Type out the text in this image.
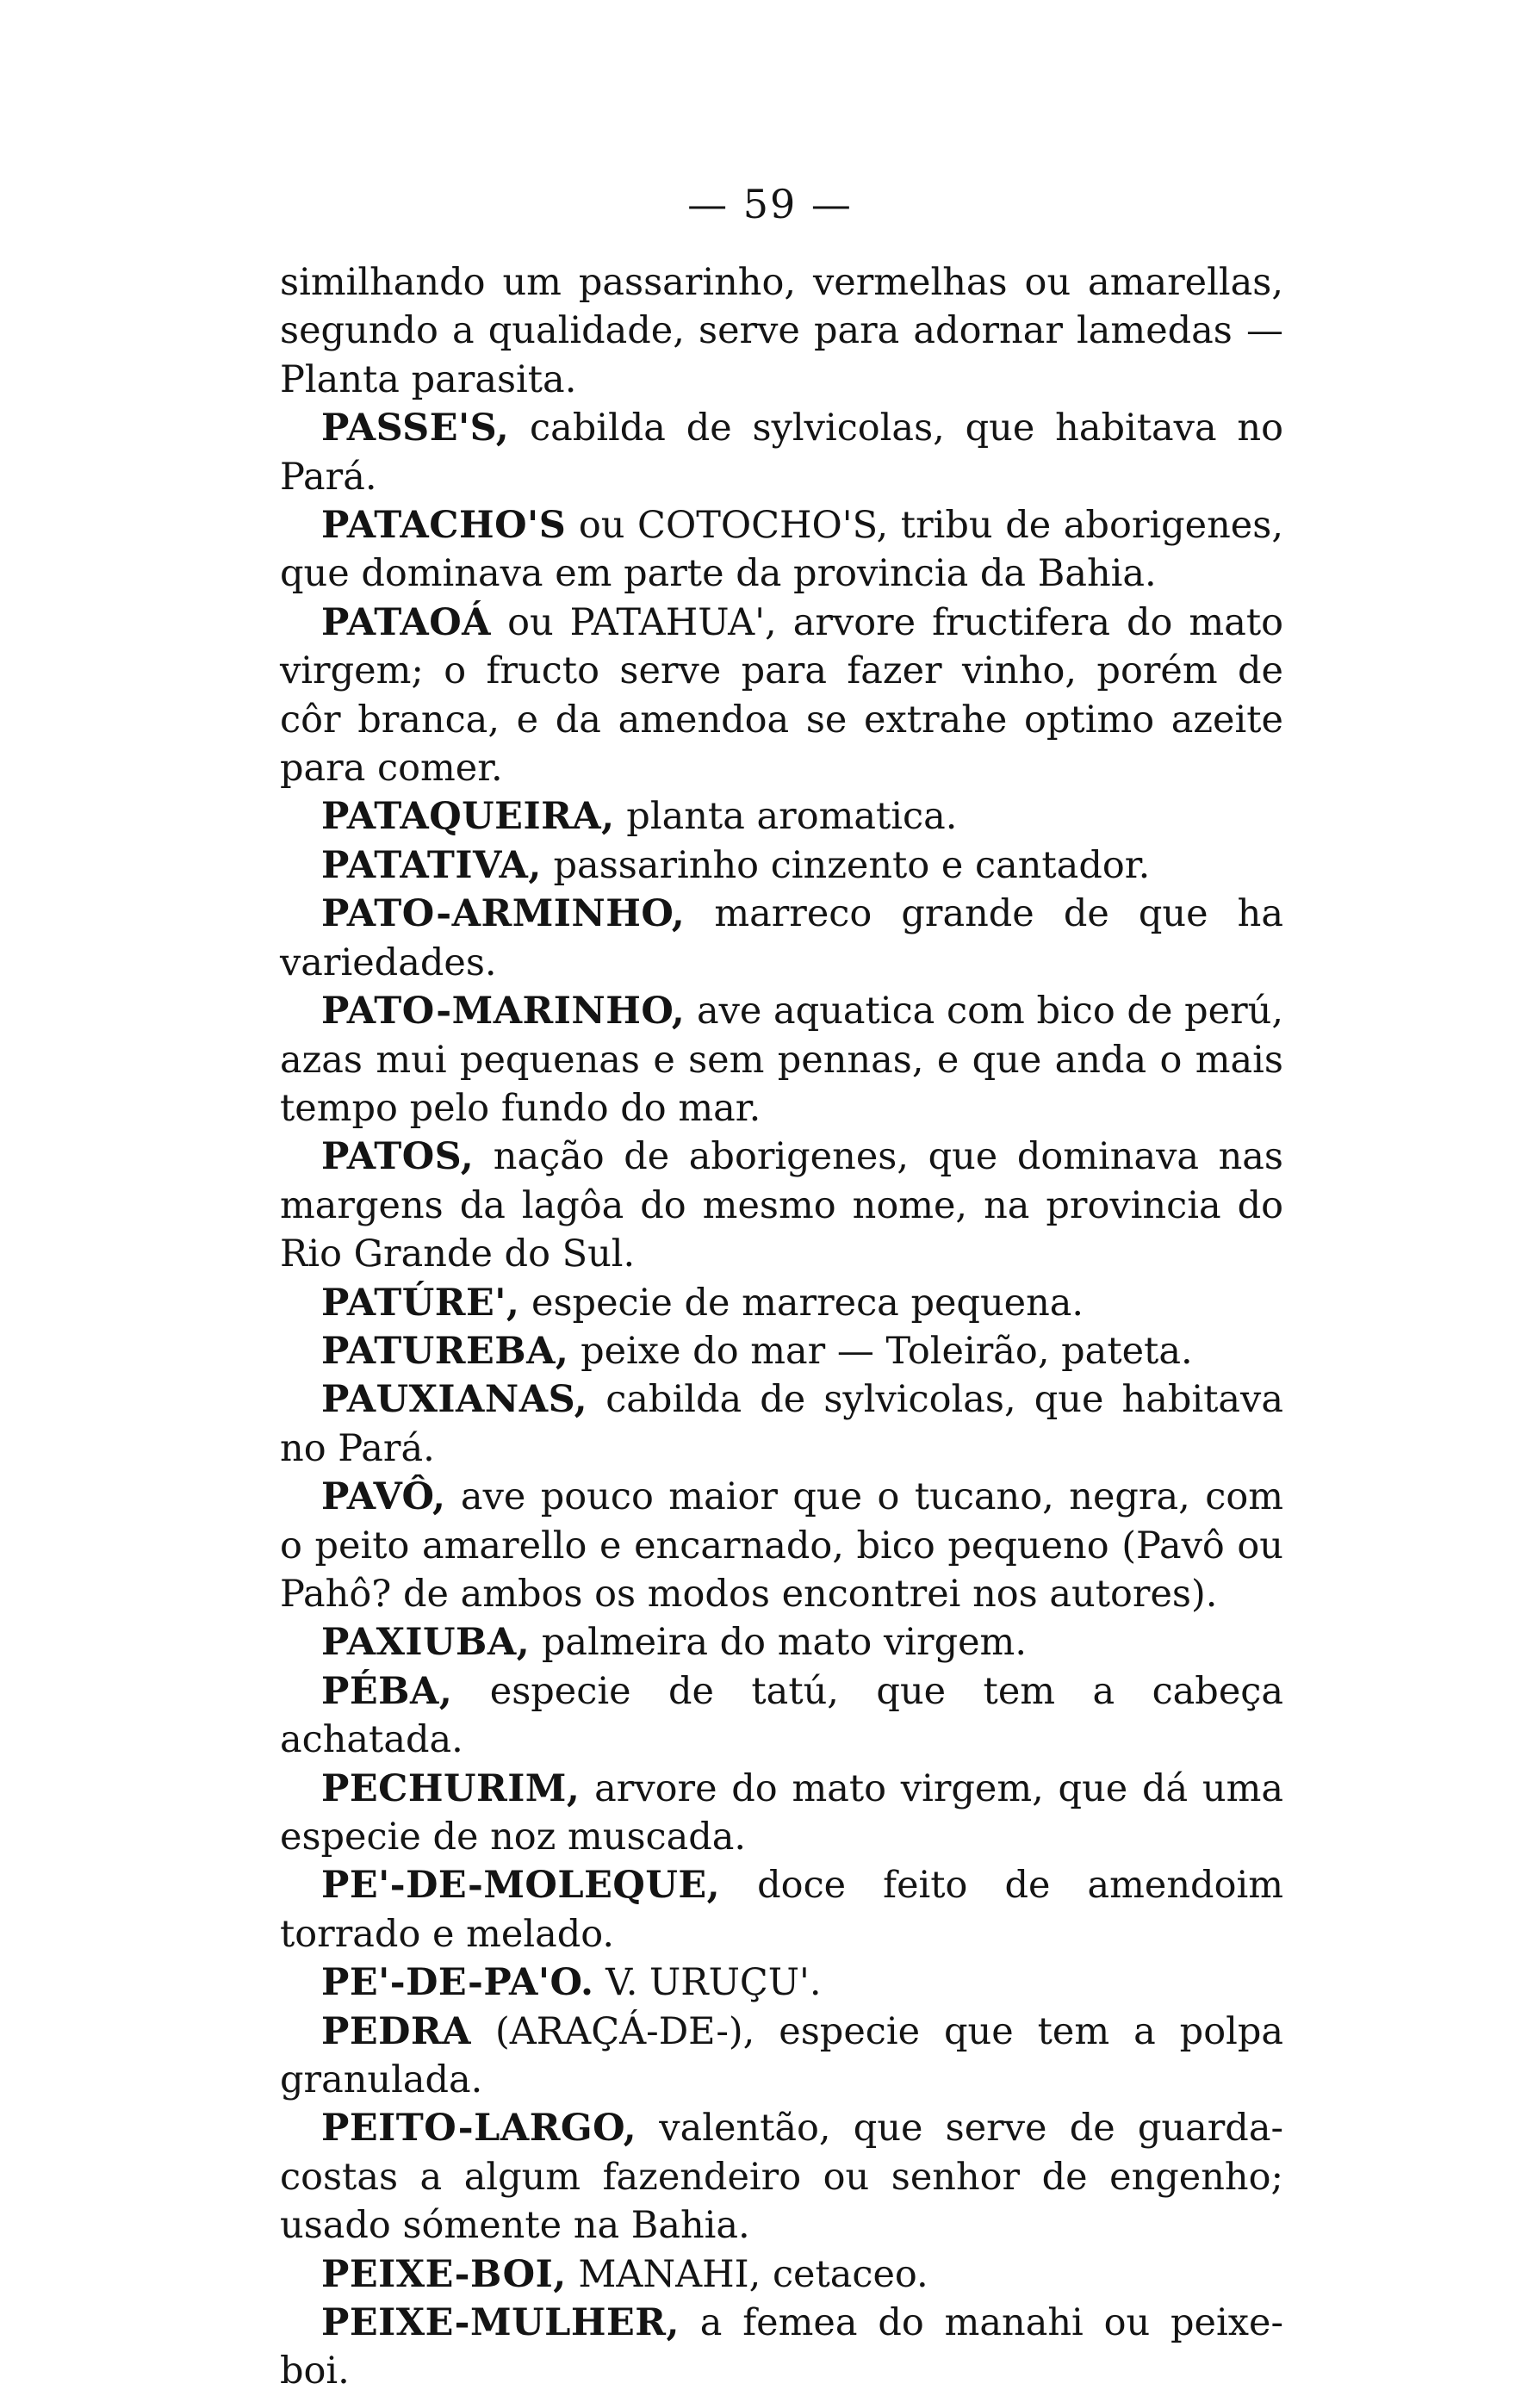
— 59 —

similhando um passarinho, vermelhas ou amarellas, segundo a qualidade, serve para adornar lamedas — Planta parasita.

PASSE'S, cabilda de sylvicolas, que habitava no Pará.

PATACHO'S ou COTOCHO'S, tribu de aborigenes, que dominava em parte da provincia da Bahia.

PATAOÁ ou PATAHUA', arvore fructifera do mato virgem; o fructo serve para fazer vinho, porém de côr branca, e da amendoa se extrahe optimo azeite para comer.

PATAQUEIRA, planta aromatica.

PATATIVA, passarinho cinzento e cantador.

PATO-ARMINHO, marreco grande de que ha variedades.

PATO-MARINHO, ave aquatica com bico de perú, azas mui pequenas e sem pennas, e que anda o mais tempo pelo fundo do mar.

PATOS, nação de aborigenes, que dominava nas margens da lagôa do mesmo nome, na provincia do Rio Grande do Sul.

PATÚRE', especie de marreca pequena.

PATUREBA, peixe do mar — Toleirão, pateta.

PAUXIANAS, cabilda de sylvicolas, que habitava no Pará.

PAVÔ, ave pouco maior que o tucano, negra, com o peito amarello e encarnado, bico pequeno (Pavô ou Pahô? de ambos os modos encontrei nos autores).

PAXIUBA, palmeira do mato virgem.

PÉBA, especie de tatú, que tem a cabeça achatada.

PECHURIM, arvore do mato virgem, que dá uma especie de noz muscada.

PE'-DE-MOLEQUE, doce feito de amendoim torrado e melado.

PE'-DE-PA'O. V. URUÇU'.

PEDRA (ARAÇÁ-DE-), especie que tem a polpa granulada.

PEITO-LARGO, valentão, que serve de guarda-costas a algum fazendeiro ou senhor de engenho; usado sómente na Bahia.

PEIXE-BOI, MANAHI, cetaceo.

PEIXE-MULHER, a femea do manahi ou peixe-boi.
